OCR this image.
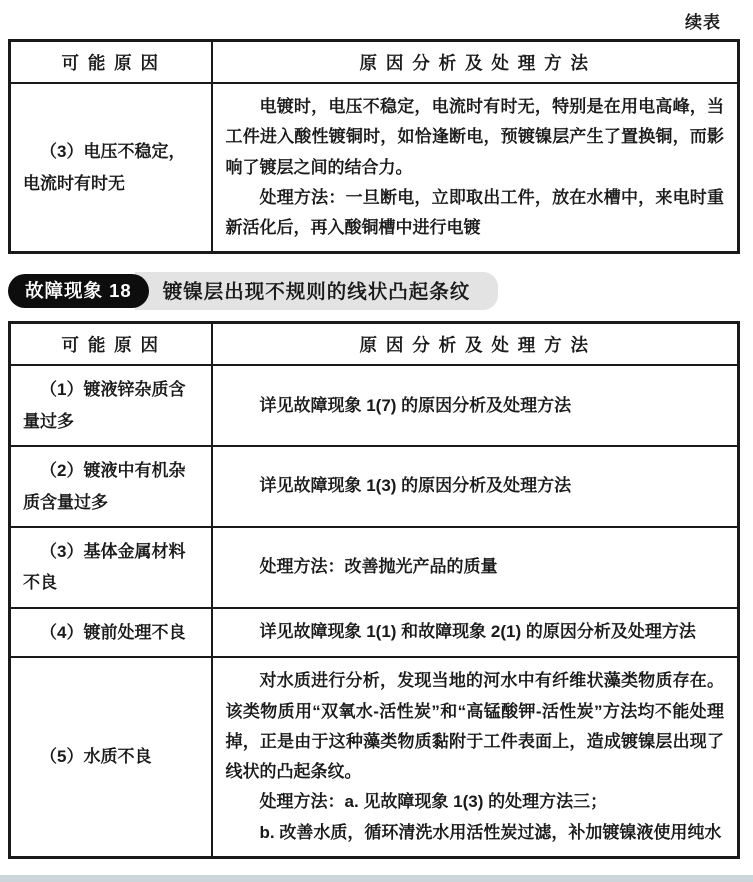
续表
可 能 原 因	原 因 分 析 及 处 理 方 法

（3）电压不稳定，电流时有时无	电镀时，电压不稳定，电流时有时无，特别是在用电高峰，当工件进入酸性镀铜时，如恰逢断电，预镀镍层产生了置换铜，而影响了镀层之间的结合力。

处理方法：一旦断电，立即取出工件，放在水槽中，来电时重新活化后，再入酸铜槽中进行电镀

故障现象 18	镀镍层出现不规则的线状凸起条纹
可 能 原 因	原 因 分 析 及 处 理 方 法

（1）镀液锌杂质含量过多	详见故障现象 1(7) 的原因分析及处理方法

（2）镀液中有机杂质含量过多	详见故障现象 1(3) 的原因分析及处理方法

（3）基体金属材料不良	处理方法：改善抛光产品的质量

（4）镀前处理不良	详见故障现象 1(1) 和故障现象 2(1) 的原因分析及处理方法

（5）水质不良	对水质进行分析，发现当地的河水中有纤维状藻类物质存在。该类物质用“双氧水-活性炭”和“高锰酸钾-活性炭”方法均不能处理掉，正是由于这种藻类物质黏附于工件表面上，造成镀镍层出现了线状的凸起条纹。

处理方法：a. 见故障现象 1(3) 的处理方法三；

b. 改善水质，循环清洗水用活性炭过滤，补加镀镍液使用纯水
